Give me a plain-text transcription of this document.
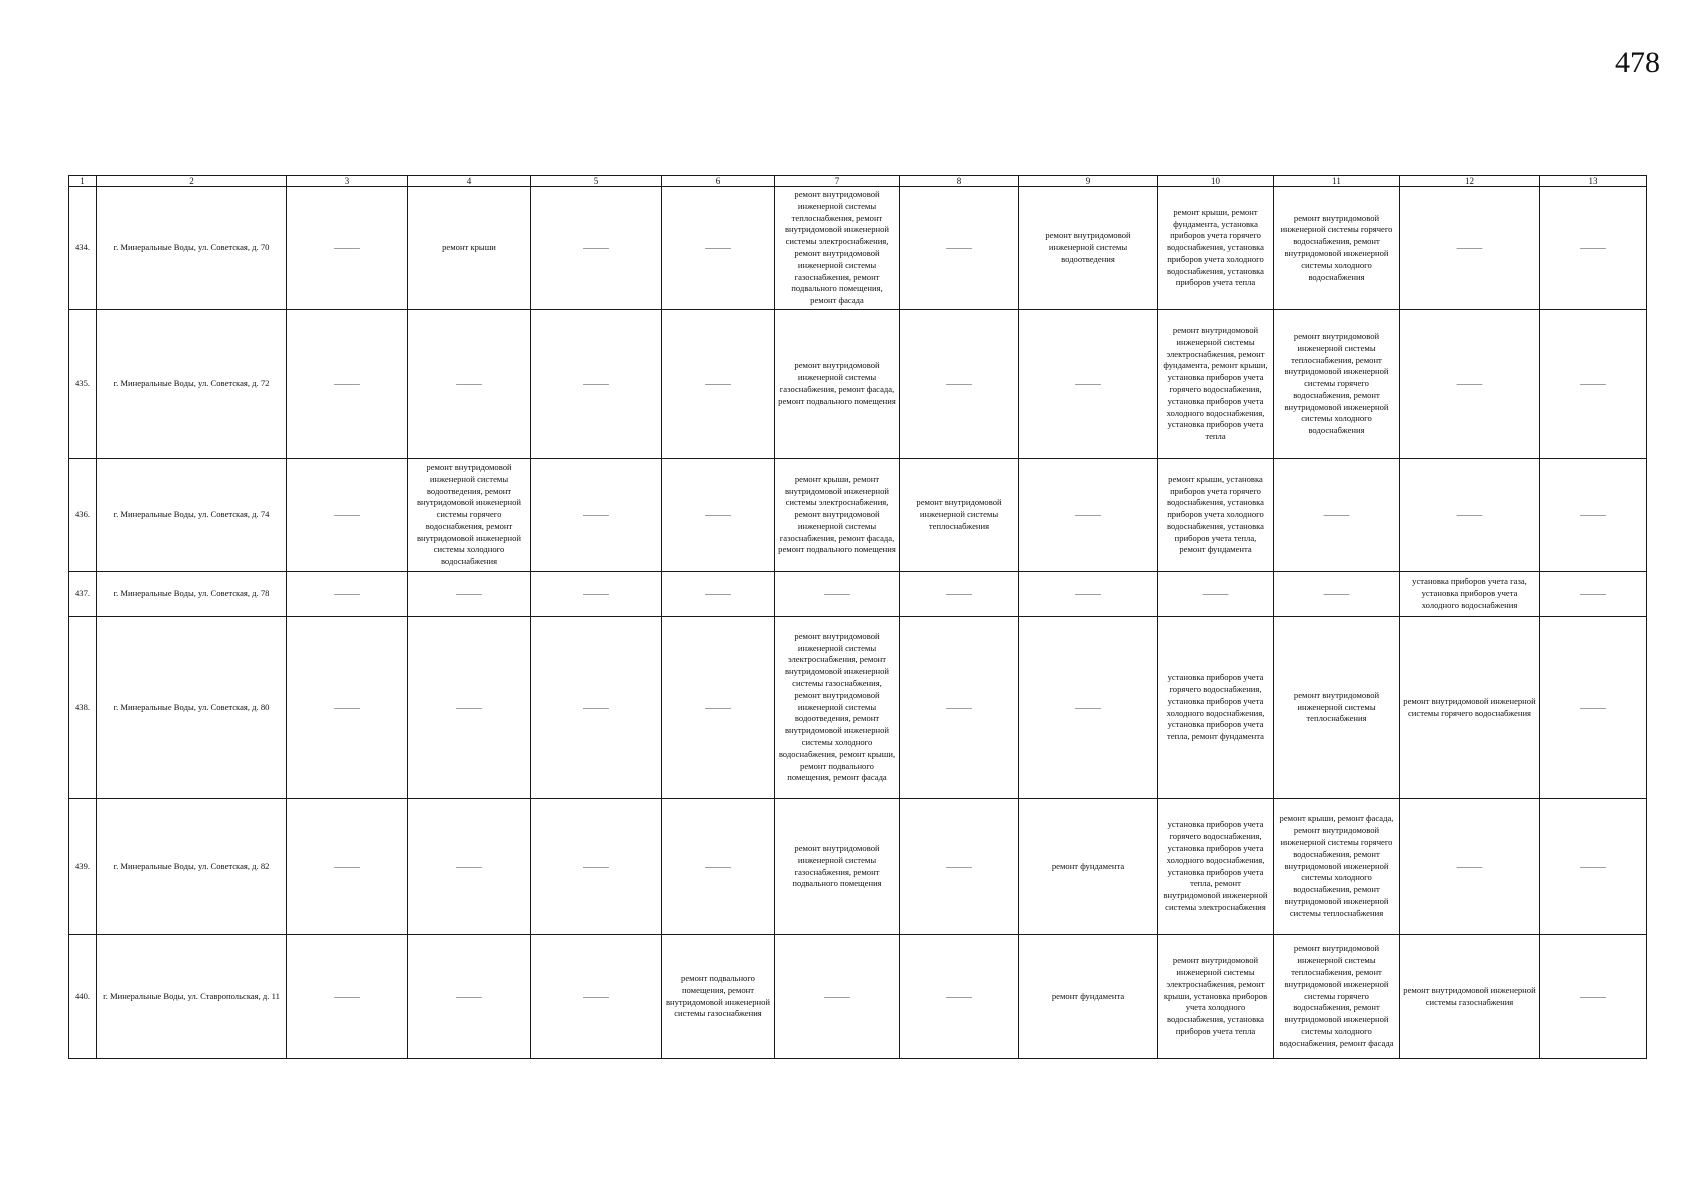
478
1	2	3	4	5	6	7	8	9	10	11	12	13
434.	г. Минеральные Воды, ул. Советская, д. 70	———	ремонт крыши	———	———	ремонт внутридомовой инженерной системы теплоснабжения, ремонт внутридомовой инженерной системы электроснабжения, ремонт внутридомовой инженерной системы газоснабжения, ремонт подвального помещения, ремонт фасада	———	ремонт внутридомовой инженерной системы водоотведения	ремонт крыши, ремонт фундамента, установка приборов учета горячего водоснабжения, установка приборов учета холодного водоснабжения, установка приборов учета тепла	ремонт внутридомовой инженерной системы горячего водоснабжения, ремонт внутридомовой инженерной системы холодного водоснабжения	———	———
435.	г. Минеральные Воды, ул. Советская, д. 72	———	———	———	———	ремонт внутридомовой инженерной системы газоснабжения, ремонт фасада, ремонт подвального помещения	———	———	ремонт внутридомовой инженерной системы электроснабжения, ремонт фундамента, ремонт крыши, установка приборов учета горячего водоснабжения, установка приборов учета холодного водоснабжения, установка приборов учета тепла	ремонт внутридомовой инженерной системы теплоснабжения, ремонт внутридомовой инженерной системы горячего водоснабжения, ремонт внутридомовой инженерной системы холодного водоснабжения	———	———
436.	г. Минеральные Воды, ул. Советская, д. 74	———	ремонт внутридомовой инженерной системы водоотведения, ремонт внутридомовой инженерной системы горячего водоснабжения, ремонт внутридомовой инженерной системы холодного водоснабжения	———	———	ремонт крыши, ремонт внутридомовой инженерной системы электроснабжения, ремонт внутридомовой инженерной системы газоснабжения, ремонт фасада, ремонт подвального помещения	ремонт внутридомовой инженерной системы теплоснабжения	———	ремонт крыши, установка приборов учета горячего водоснабжения, установка приборов учета холодного водоснабжения, установка приборов учета тепла, ремонт фундамента	———	———	———
437.	г. Минеральные Воды, ул. Советская, д. 78	———	———	———	———	———	———	———	———	———	установка приборов учета газа, установка приборов учета холодного водоснабжения	———
438.	г. Минеральные Воды, ул. Советская, д. 80	———	———	———	———	ремонт внутридомовой инженерной системы электроснабжения, ремонт внутридомовой инженерной системы газоснабжения, ремонт внутридомовой инженерной системы водоотведения, ремонт внутридомовой инженерной системы холодного водоснабжения, ремонт крыши, ремонт подвального помещения, ремонт фасада	———	———	установка приборов учета горячего водоснабжения, установка приборов учета холодного водоснабжения, установка приборов учета тепла, ремонт фундамента	ремонт внутридомовой инженерной системы теплоснабжения	ремонт внутридомовой инженерной системы горячего водоснабжения	———
439.	г. Минеральные Воды, ул. Советская, д. 82	———	———	———	———	ремонт внутридомовой инженерной системы газоснабжения, ремонт подвального помещения	———	ремонт фундамента	установка приборов учета горячего водоснабжения, установка приборов учета холодного водоснабжения, установка приборов учета тепла, ремонт внутридомовой инженерной системы электроснабжения	ремонт крыши, ремонт фасада, ремонт внутридомовой инженерной системы горячего водоснабжения, ремонт внутридомовой инженерной системы холодного водоснабжения, ремонт внутридомовой инженерной системы теплоснабжения	———	———
440.	г. Минеральные Воды, ул. Ставропольская, д. 11	———	———	———	ремонт подвального помещения, ремонт внутридомовой инженерной системы газоснабжения	———	———	ремонт фундамента	ремонт внутридомовой инженерной системы электроснабжения, ремонт крыши, установка приборов учета холодного водоснабжения, установка приборов учета тепла	ремонт внутридомовой инженерной системы теплоснабжения, ремонт внутридомовой инженерной системы горячего водоснабжения, ремонт внутридомовой инженерной системы холодного водоснабжения, ремонт фасада	ремонт внутридомовой инженерной системы газоснабжения	———
